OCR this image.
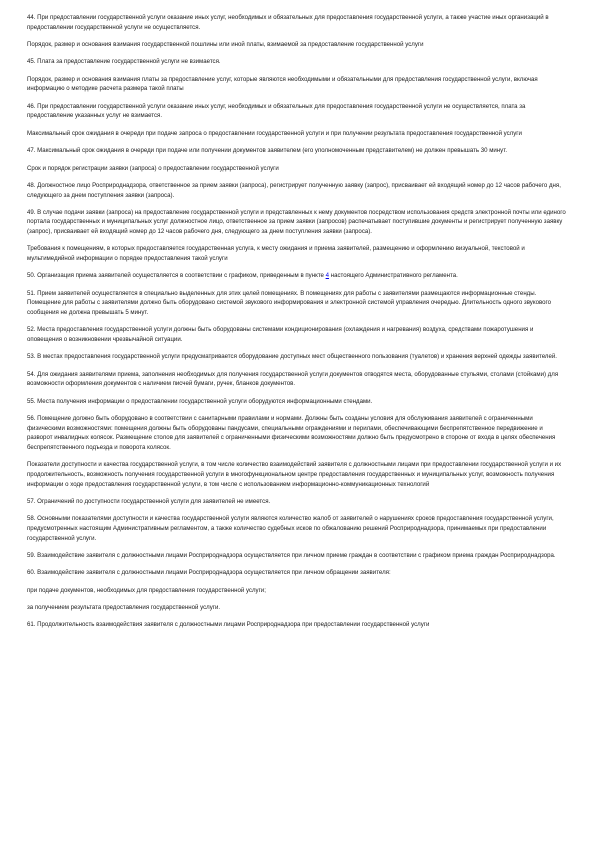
44. При предоставлении государственной услуги оказание иных услуг, необходимых и обязательных для предоставления государственной услуги, а также участие иных организаций в предоставлении государственной услуги не осуществляется.

Порядок, размер и основания взимания государственной пошлины или иной платы, взимаемой за предоставление государственной услуги

45. Плата за предоставление государственной услуги не взимается.

Порядок, размер и основания взимания платы за предоставление услуг, которые являются необходимыми и обязательными для предоставления государственной услуги, включая информацию о методике расчета размера такой платы

46. При предоставлении государственной услуги оказание иных услуг, необходимых и обязательных для предоставления государственной услуги не осуществляется, плата за предоставление указанных услуг не взимается.

Максимальный срок ожидания в очереди при подаче запроса о предоставлении государственной услуги и при получении результата предоставления государственной услуги

47. Максимальный срок ожидания в очереди при подаче или получении документов заявителем (его уполномоченным представителем) не должен превышать 30 минут.

Срок и порядок регистрации заявки (запроса) о предоставлении государственной услуги

48. Должностное лицо Росприроднадзора, ответственное за прием заявки (запроса), регистрирует полученную заявку (запрос), присваивает ей входящий номер до 12 часов рабочего дня, следующего за днем поступления заявки (запроса).

49. В случае подачи заявки (запроса) на предоставление государственной услуги и представленных к нему документов посредством использования средств электронной почты или единого портала государственных и муниципальных услуг должностное лицо, ответственное за прием заявки (запросов) распечатывает поступившие документы и регистрирует полученную заявку (запрос), присваивает ей входящий номер до 12 часов рабочего дня, следующего за днем поступления заявки (запроса).

Требования к помещениям, в которых предоставляется государственная услуга, к месту ожидания и приема заявителей, размещению и оформлению визуальной, текстовой и мультимедийной информации о порядке предоставления такой услуги

50. Организация приема заявителей осуществляется в соответствии с графиком, приведенным в пункте 4 настоящего Административного регламента.

51. Прием заявителей осуществляется в специально выделенных для этих целей помещениях. В помещениях для работы с заявителями размещаются информационные стенды. Помещение для работы с заявителями должно быть оборудовано системой звукового информирования и электронной системой управления очередью. Длительность одного звукового сообщения не должна превышать 5 минут.

52. Места предоставления государственной услуги должны быть оборудованы системами кондиционирования (охлаждения и нагревания) воздуха, средствами пожаротушения и оповещения о возникновении чрезвычайной ситуации.

53. В местах предоставления государственной услуги предусматривается оборудование доступных мест общественного пользования (туалетов) и хранения верхней одежды заявителей.

54. Для ожидания заявителями приема, заполнения необходимых для получения государственной услуги документов отводятся места, оборудованные стульями, столами (стойками) для возможности оформления документов с наличием писчей бумаги, ручек, бланков документов.

55. Места получения информации о предоставлении государственной услуги оборудуются информационными стендами.

56. Помещение должно быть оборудовано в соответствии с санитарными правилами и нормами. Должны быть созданы условия для обслуживания заявителей с ограниченными физическими возможностями: помещения должны быть оборудованы пандусами, специальными ограждениями и перилами, обеспечивающими беспрепятственное передвижение и разворот инвалидных колясок. Размещение столов для заявителей с ограниченными физическими возможностями должно быть предусмотрено в стороне от входа в целях обеспечения беспрепятственного подъезда и поворота колясок.

Показатели доступности и качества государственной услуги, в том числе количество взаимодействий заявителя с должностными лицами при предоставлении государственной услуги и их продолжительность, возможность получения государственной услуги в многофункциональном центре предоставления государственных и муниципальных услуг, возможность получения информации о ходе предоставления государственной услуги, в том числе с использованием информационно-коммуникационных технологий

57. Ограничений по доступности государственной услуги для заявителей не имеется.

58. Основными показателями доступности и качества государственной услуги являются количество жалоб от заявителей о нарушениях сроков предоставления государственной услуги, предусмотренных настоящим Административным регламентом, а также количество судебных исков по обжалованию решений Росприроднадзора, принимаемых при предоставлении государственной услуги.

59. Взаимодействие заявителя с должностными лицами Росприроднадзора осуществляется при личном приеме граждан в соответствии с графиком приема граждан Росприроднадзора.

60. Взаимодействие заявителя с должностными лицами Росприроднадзора осуществляется при личном обращении заявителя:

при подаче документов, необходимых для предоставления государственной услуги;

за получением результата предоставления государственной услуги.

61. Продолжительность взаимодействия заявителя с должностными лицами Росприроднадзора при предоставлении государственной услуги
